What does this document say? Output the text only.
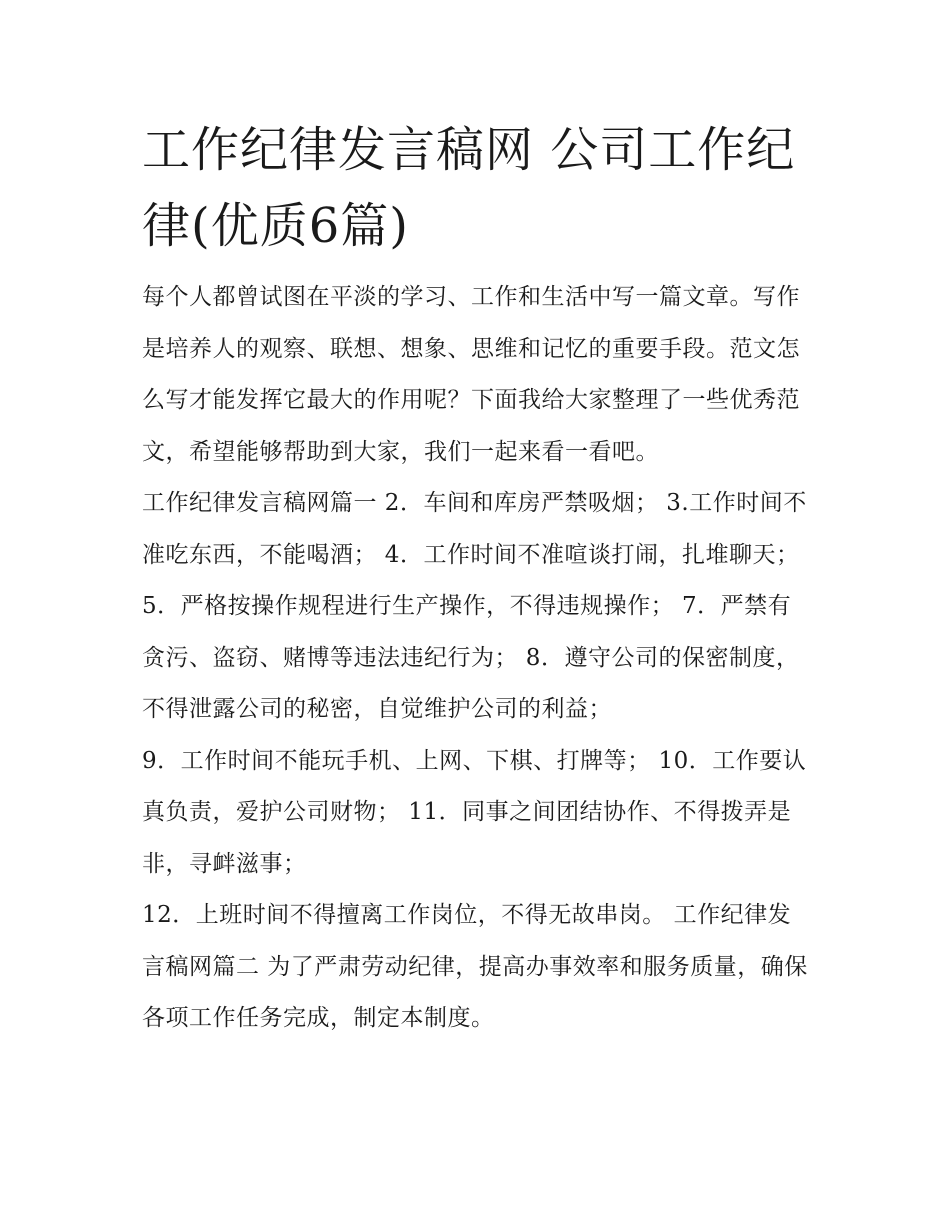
工作纪律发言稿网 公司工作纪律(优质6篇)

每个人都曾试图在平淡的学习、工作和生活中写一篇文章。写作是培养人的观察、联想、想象、思维和记忆的重要手段。范文怎么写才能发挥它最大的作用呢？下面我给大家整理了一些优秀范文，希望能够帮助到大家，我们一起来看一看吧。

工作纪律发言稿网篇一 2．车间和库房严禁吸烟； 3.工作时间不准吃东西，不能喝酒； 4．工作时间不准喧谈打闹，扎堆聊天；

5．严格按操作规程进行生产操作，不得违规操作； 7．严禁有贪污、盗窃、赌博等违法违纪行为； 8．遵守公司的保密制度，不得泄露公司的秘密，自觉维护公司的利益；

9．工作时间不能玩手机、上网、下棋、打牌等； 10．工作要认真负责，爱护公司财物； 11．同事之间团结协作、不得拨弄是非，寻衅滋事；

12．上班时间不得擅离工作岗位，不得无故串岗。 工作纪律发言稿网篇二 为了严肃劳动纪律，提高办事效率和服务质量，确保各项工作任务完成，制定本制度。
